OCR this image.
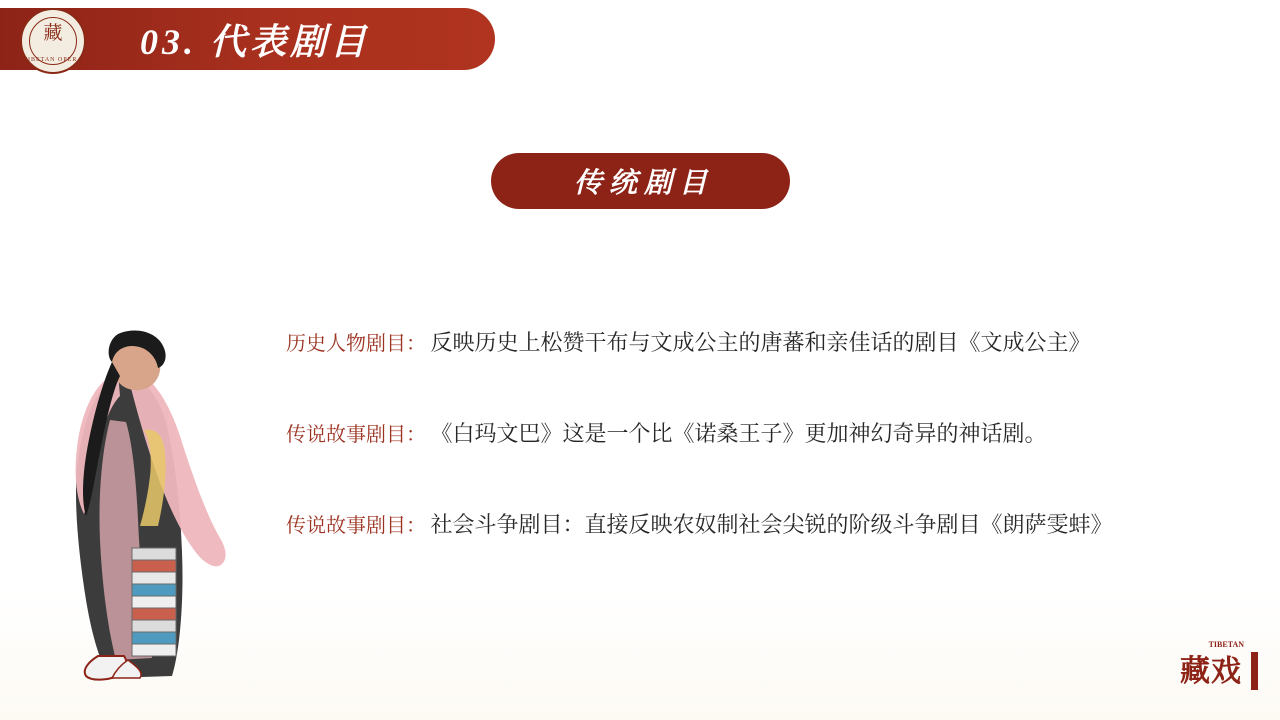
藏
TIBETAN OPERA 03. 代表剧目
传统剧目
历史人物剧目： 反映历史上松赞干布与文成公主的唐蕃和亲佳话的剧目《文成公主》
传说故事剧目： 《白玛文巴》这是一个比《诺桑王子》更加神幻奇异的神话剧。
传说故事剧目： 社会斗争剧目：直接反映农奴制社会尖锐的阶级斗争剧目《朗萨雯蚌》
藏戏
TIBETAN
